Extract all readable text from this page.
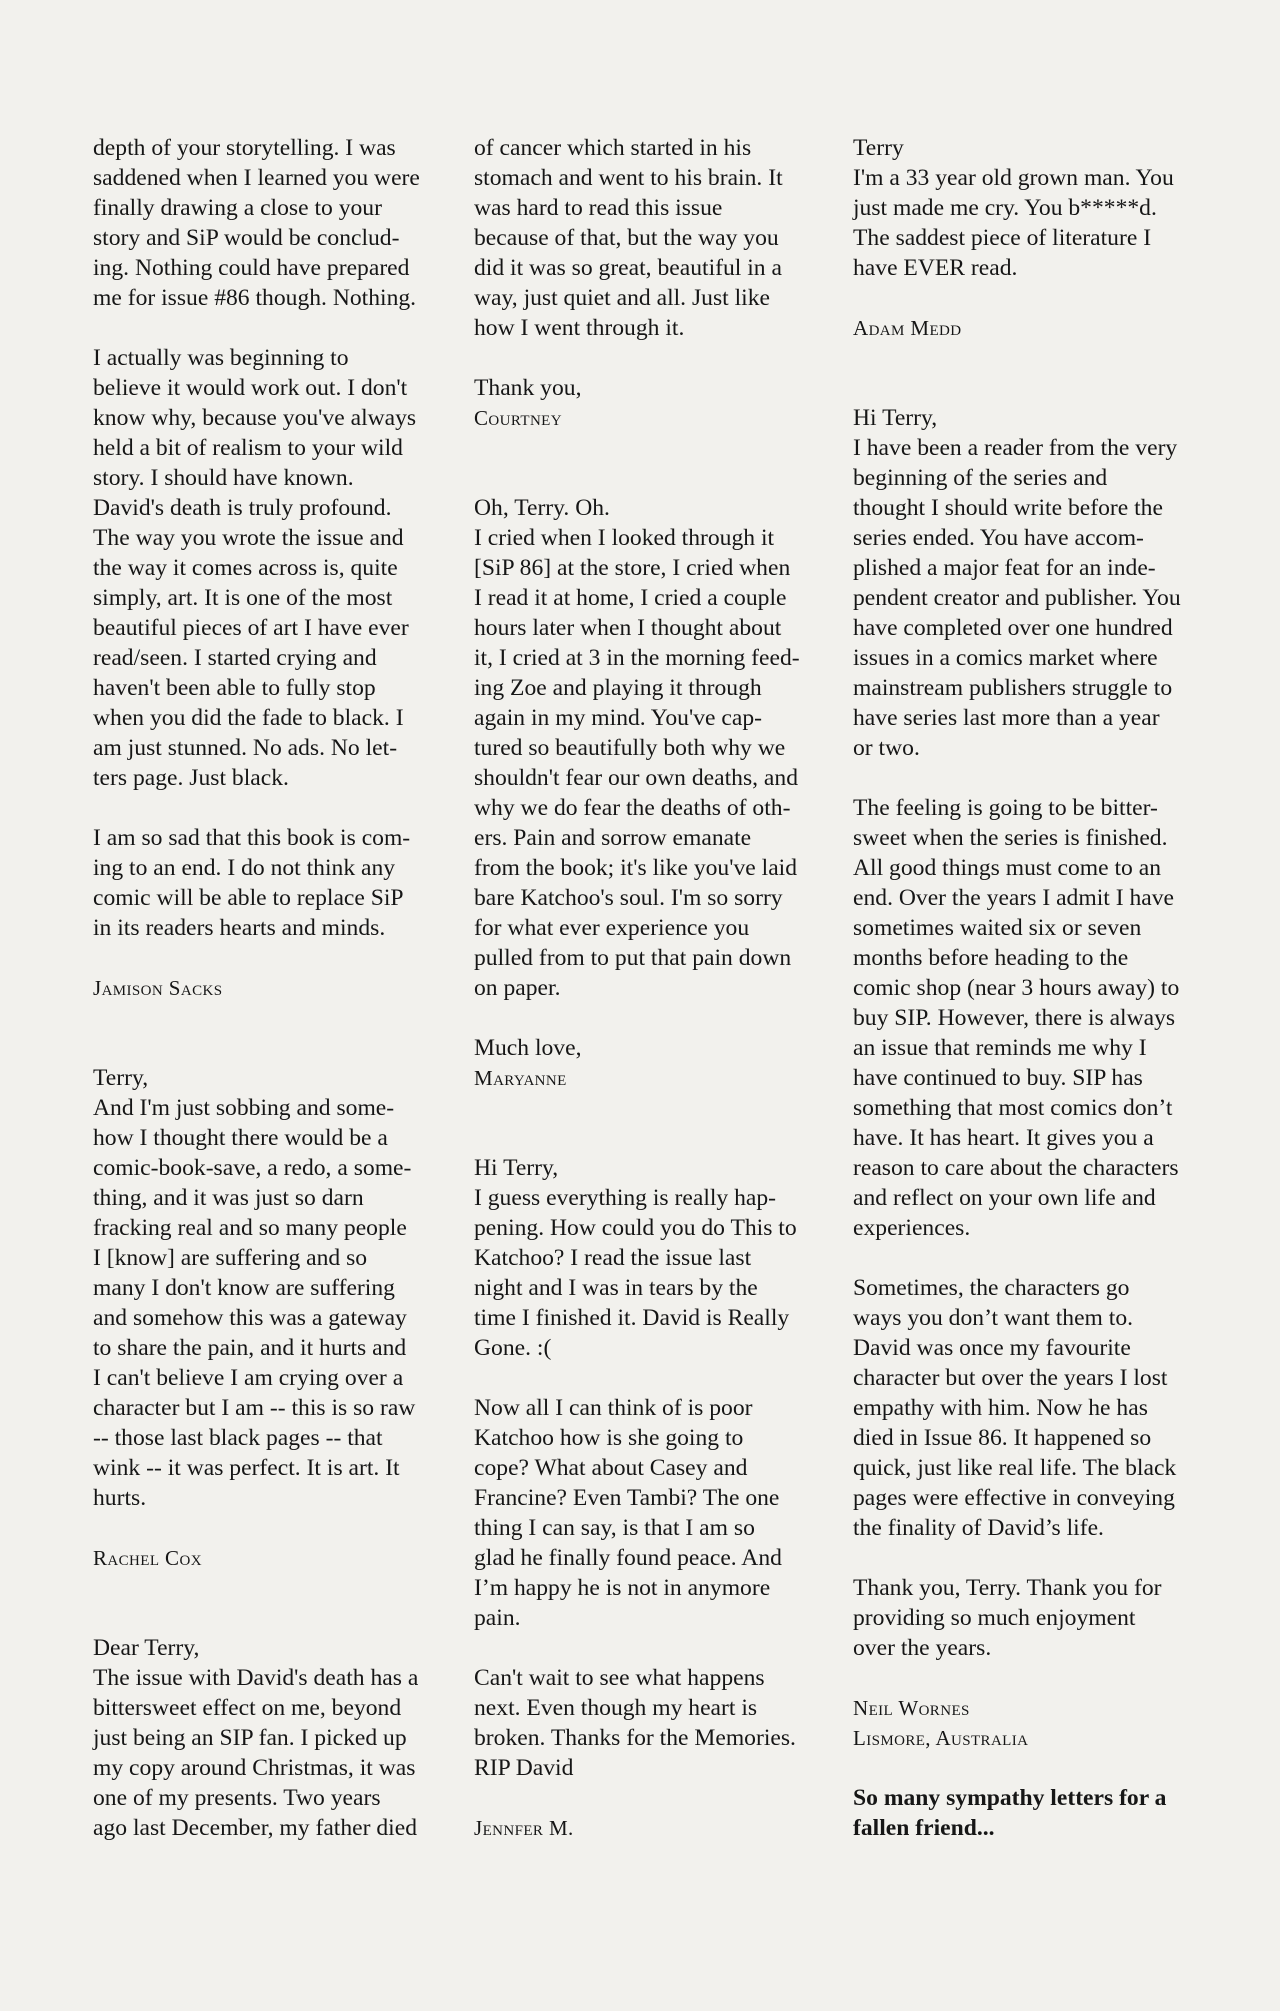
depth of your storytelling. I was
saddened when I learned you were
finally drawing a close to your
story and SiP would be conclud-
ing. Nothing could have prepared
me for issue #86 though. Nothing.
I actually was beginning to
believe it would work out. I don't
know why, because you've always
held a bit of realism to your wild
story. I should have known.
David's death is truly profound.
The way you wrote the issue and
the way it comes across is, quite
simply, art. It is one of the most
beautiful pieces of art I have ever
read/seen. I started crying and
haven't been able to fully stop
when you did the fade to black. I
am just stunned. No ads. No let-
ters page. Just black.
I am so sad that this book is com-
ing to an end. I do not think any
comic will be able to replace SiP
in its readers hearts and minds.
Jamison Sacks
Terry,
And I'm just sobbing and some-
how I thought there would be a
comic-book-save, a redo, a some-
thing, and it was just so darn
fracking real and so many people
I [know] are suffering and so
many I don't know are suffering
and somehow this was a gateway
to share the pain, and it hurts and
I can't believe I am crying over a
character but I am -- this is so raw
-- those last black pages -- that
wink -- it was perfect. It is art. It
hurts.
Rachel Cox
Dear Terry,
The issue with David's death has a
bittersweet effect on me, beyond
just being an SIP fan. I picked up
my copy around Christmas, it was
one of my presents. Two years
ago last December, my father died
of cancer which started in his
stomach and went to his brain. It
was hard to read this issue
because of that, but the way you
did it was so great, beautiful in a
way, just quiet and all. Just like
how I went through it.
Thank you,
Courtney
Oh, Terry. Oh.
I cried when I looked through it
[SiP 86] at the store, I cried when
I read it at home, I cried a couple
hours later when I thought about
it, I cried at 3 in the morning feed-
ing Zoe and playing it through
again in my mind. You've cap-
tured so beautifully both why we
shouldn't fear our own deaths, and
why we do fear the deaths of oth-
ers. Pain and sorrow emanate
from the book; it's like you've laid
bare Katchoo's soul. I'm so sorry
for what ever experience you
pulled from to put that pain down
on paper.
Much love,
Maryanne
Hi Terry,
I guess everything is really hap-
pening. How could you do This to
Katchoo? I read the issue last
night and I was in tears by the
time I finished it. David is Really
Gone. :(
Now all I can think of is poor
Katchoo how is she going to
cope? What about Casey and
Francine? Even Tambi? The one
thing I can say, is that I am so
glad he finally found peace. And
I’m happy he is not in anymore
pain.
Can't wait to see what happens
next. Even though my heart is
broken. Thanks for the Memories.
RIP David
Jennfer M.
Terry
I'm a 33 year old grown man. You
just made me cry. You b*****d.
The saddest piece of literature I
have EVER read.
Adam Medd
Hi Terry,
I have been a reader from the very
beginning of the series and
thought I should write before the
series ended. You have accom-
plished a major feat for an inde-
pendent creator and publisher. You
have completed over one hundred
issues in a comics market where
mainstream publishers struggle to
have series last more than a year
or two.
The feeling is going to be bitter-
sweet when the series is finished.
All good things must come to an
end. Over the years I admit I have
sometimes waited six or seven
months before heading to the
comic shop (near 3 hours away) to
buy SIP. However, there is always
an issue that reminds me why I
have continued to buy. SIP has
something that most comics don’t
have. It has heart. It gives you a
reason to care about the characters
and reflect on your own life and
experiences.
Sometimes, the characters go
ways you don’t want them to.
David was once my favourite
character but over the years I lost
empathy with him. Now he has
died in Issue 86. It happened so
quick, just like real life. The black
pages were effective in conveying
the finality of David’s life.
Thank you, Terry. Thank you for
providing so much enjoyment
over the years.
Neil Wornes
Lismore, Australia
So many sympathy letters for a
fallen friend...
